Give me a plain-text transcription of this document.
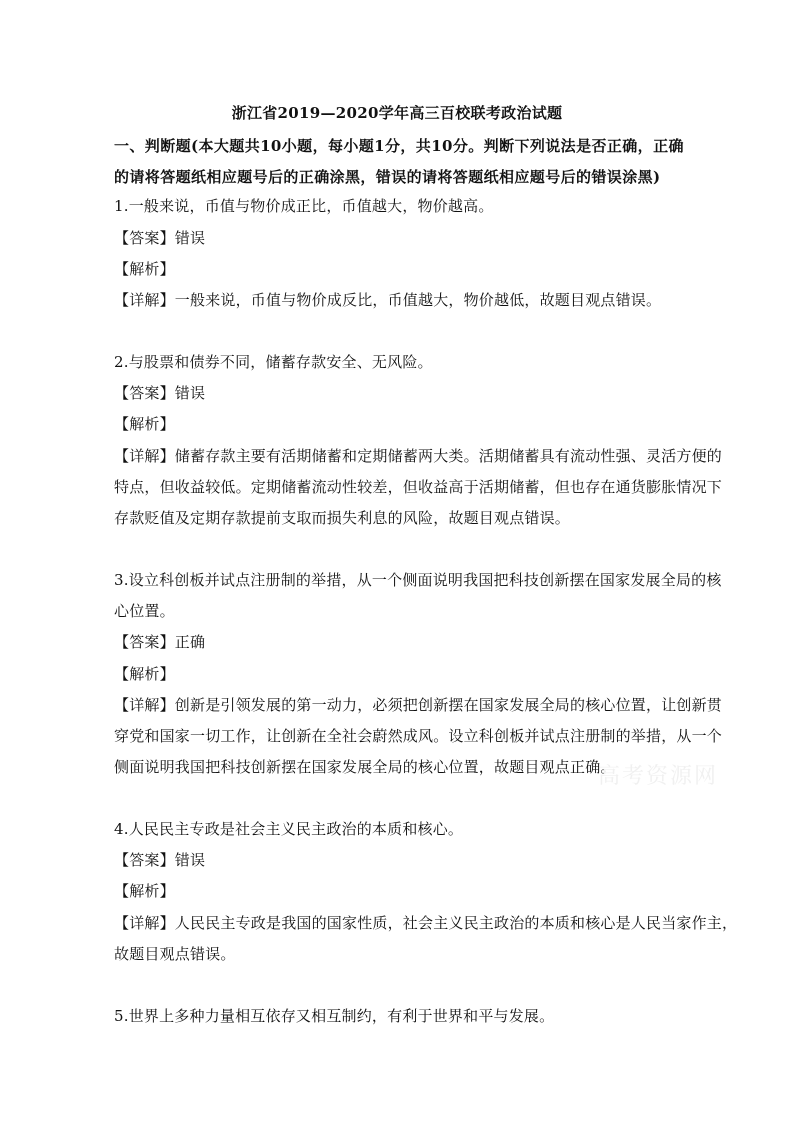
浙江省2019—2020学年高三百校联考政治试题
一、判断题(本大题共10小题，每小题1分，共10分。判断下列说法是否正确，正确的请将答题纸相应题号后的正确涂黑，错误的请将答题纸相应题号后的错误涂黑)
1.一般来说，币值与物价成正比，币值越大，物价越高。
【答案】错误
【解析】
【详解】一般来说，币值与物价成反比，币值越大，物价越低，故题目观点错误。
2.与股票和债券不同，储蓄存款安全、无风险。
【答案】错误
【解析】
【详解】储蓄存款主要有活期储蓄和定期储蓄两大类。活期储蓄具有流动性强、灵活方便的
特点，但收益较低。定期储蓄流动性较差，但收益高于活期储蓄，但也存在通货膨胀情况下
存款贬值及定期存款提前支取而损失利息的风险，故题目观点错误。
3.设立科创板并试点注册制的举措，从一个侧面说明我国把科技创新摆在国家发展全局的核
心位置。
【答案】正确
【解析】
【详解】创新是引领发展的第一动力，必须把创新摆在国家发展全局的核心位置，让创新贯
穿党和国家一切工作，让创新在全社会蔚然成风。设立科创板并试点注册制的举措，从一个
侧面说明我国把科技创新摆在国家发展全局的核心位置，故题目观点正确。
高考资源网
4.人民民主专政是社会主义民主政治的本质和核心。
【答案】错误
【解析】
【详解】人民民主专政是我国的国家性质，社会主义民主政治的本质和核心是人民当家作主，
故题目观点错误。
5.世界上多种力量相互依存又相互制约，有利于世界和平与发展。
